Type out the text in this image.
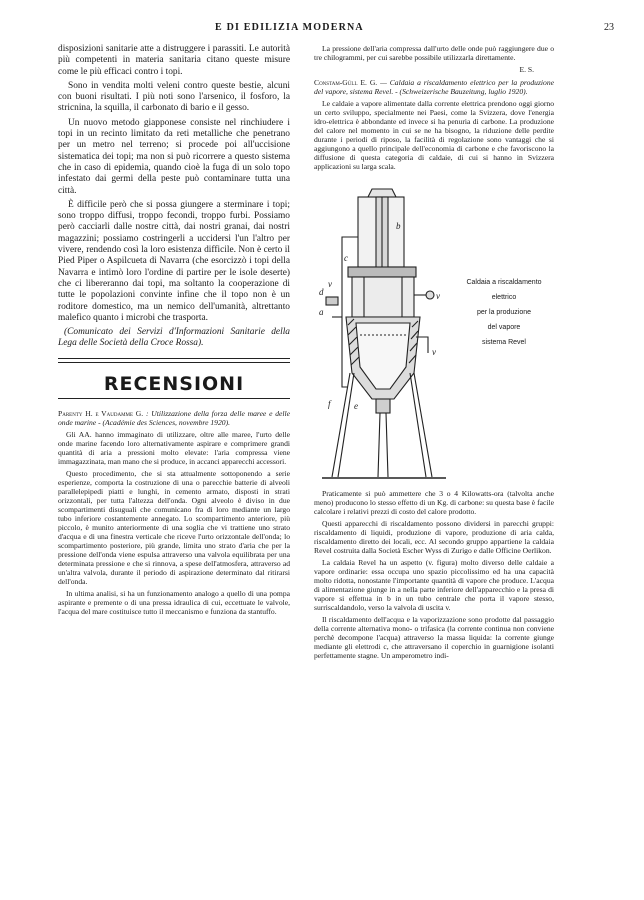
E DI EDILIZIA MODERNA	23

disposizioni sanitarie atte a distruggere i parassiti. Le autorità più competenti in materia sanitaria citano queste misure come le più efficaci contro i topi.

Sono in vendita molti veleni contro queste bestie, alcuni con buoni risultati. I più noti sono l'arsenico, il fosforo, la stricnina, la squilla, il carbonato di bario e il gesso.

Un nuovo metodo giapponese consiste nel rinchiudere i topi in un recinto limitato da reti metalliche che penetrano per un metro nel terreno; si procede poi all'uccisione sistematica dei topi; ma non si può ricorrere a questo sistema che in caso di epidemia, quando cioè la fuga di un solo topo infestato dai germi della peste può contaminare tutta una città.

È difficile però che si possa giungere a sterminare i topi; sono troppo diffusi, troppo fecondi, troppo furbi. Possiamo però cacciarli dalle nostre città, dai nostri granai, dai nostri magazzini; possiamo costringerli a uccidersi l'un l'altro per vivere, rendendo così la loro esistenza difficile. Non è certo il Pied Piper o Aspilcueta di Navarra (che esorcizzò i topi della Navarra e intimò loro l'ordine di partire per le isole deserte) che ci libereranno dai topi, ma soltanto la cooperazione di tutte le popolazioni convinte infine che il topo non è un roditore domestico, ma un nemico dell'umanità, altrettanto malefico quanto i microbi che trasporta.

(Comunicato dei Servizi d'Informazioni Sanitarie della Lega delle Società della Croce Rossa).

RECENSIONI

Parenty H. e Vaudamme G. : Utilizzazione della forza delle maree e delle onde marine - (Académie des Sciences, novembre 1920).

Gli AA. hanno immaginato di utilizzare, oltre alle maree, l'urto delle onde marine facendo loro alternativamente aspirare e comprimere grandi quantità di aria a pressioni molto elevate: l'aria compressa viene immagazzinata, man mano che si produce, in accanci apparecchi accessori.

Questo procedimento, che si sta attualmente sottoponendo a serie esperienze, comporta la costruzione di una o parecchie batterie di alveoli parallelepipedi piatti e lunghi, in cemento armato, disposti in strati orizzontali, per tutta l'altezza dell'onda. Ogni alveolo è diviso in due scompartimenti disuguali che comunicano fra di loro mediante un largo tubo inferiore costantemente annegato. Lo scompartimento anteriore, più piccolo, è munito anteriormente di una soglia che vi trattiene uno strato d'acqua e di una finestra verticale che riceve l'urto orizzontale dell'onda; lo scompartimento posteriore, più grande, limita uno strato d'aria che per la pressione dell'onda viene espulsa attraverso una valvola equilibrata per una determinata pressione e che si rinnova, a spese dell'atmosfera, attraverso ad un'altra valvola, durante il periodo di aspirazione determinato dal ritirarsi dell'onda.

In ultima analisi, si ha un funzionamento analogo a quello di una pompa aspirante e premente o di una pressa idraulica di cui, eccettuate le valvole, l'acqua del mare costituisce tutto il meccanismo e funziona da stantuffo.

La pressione dell'aria compressa dall'urto delle onde può raggiungere due o tre chilogrammi, per cui sarebbe possibile utilizzarla direttamente.

E. S.

Constam-Güll E. G. — Caldaia a riscaldamento elettrico per la produzione del vapore, sistema Revel. - (Schweizerische Bauzeitung, luglio 1920).

Le caldaie a vapore alimentate dalla corrente elettrica prendono oggi giorno un certo sviluppo, specialmente nei Paesi, come la Svizzera, dove l'energia idro-elettrica è abbondante ed invece si ha penuria di carbone. La produzione del calore nel momento in cui se ne ha bisogno, la riduzione delle perdite durante i periodi di riposo, la facilità di regolazione sono vantaggi che si aggiungono a quello principale dell'economia di carbone e che favoriscono la diffusione di questa categoria di caldaie, di cui si hanno in Svizzera applicazioni su larga scala.

b
c
d
a
v
v
v
f	e
Caldaia a riscaldamento
elettrico
per la produzione
del vapore
sistema Revel

Praticamente si può ammettere che 3 o 4 Kilowatts-ora (talvolta anche meno) producono lo stesso effetto di un Kg. di carbone: su questa base è facile calcolare i relativi prezzi di costo del calore prodotto.

Questi apparecchi di riscaldamento possono dividersi in parecchi gruppi: riscaldamento di liquidi, produzione di vapore, produzione di aria calda, riscaldamento diretto dei locali, ecc. Al secondo gruppo appartiene la caldaia Revel costruita dalla Società Escher Wyss di Zurigo e dalle Officine Oerlikon.

La caldaia Revel ha un aspetto (v. figura) molto diverso delle caldaie a vapore ordinarie: essa occupa uno spazio piccolissimo ed ha una capacità molto ridotta, nonostante l'importante quantità di vapore che produce. L'acqua di alimentazione giunge in a nella parte inferiore dell'apparecchio e la presa di vapore si effettua in b in un tubo centrale che porta il vapore stesso, surriscaldandolo, verso la valvola di uscita v.

Il riscaldamento dell'acqua e la vaporizzazione sono prodotte dal passaggio della corrente alternativa mono- o trifasica (la corrente continua non conviene perchè decompone l'acqua) attraverso la massa liquida: la corrente giunge mediante gli elettrodi c, che attraversano il coperchio in guarnigione isolanti perfettamente stagne. Un amperometro indi-
